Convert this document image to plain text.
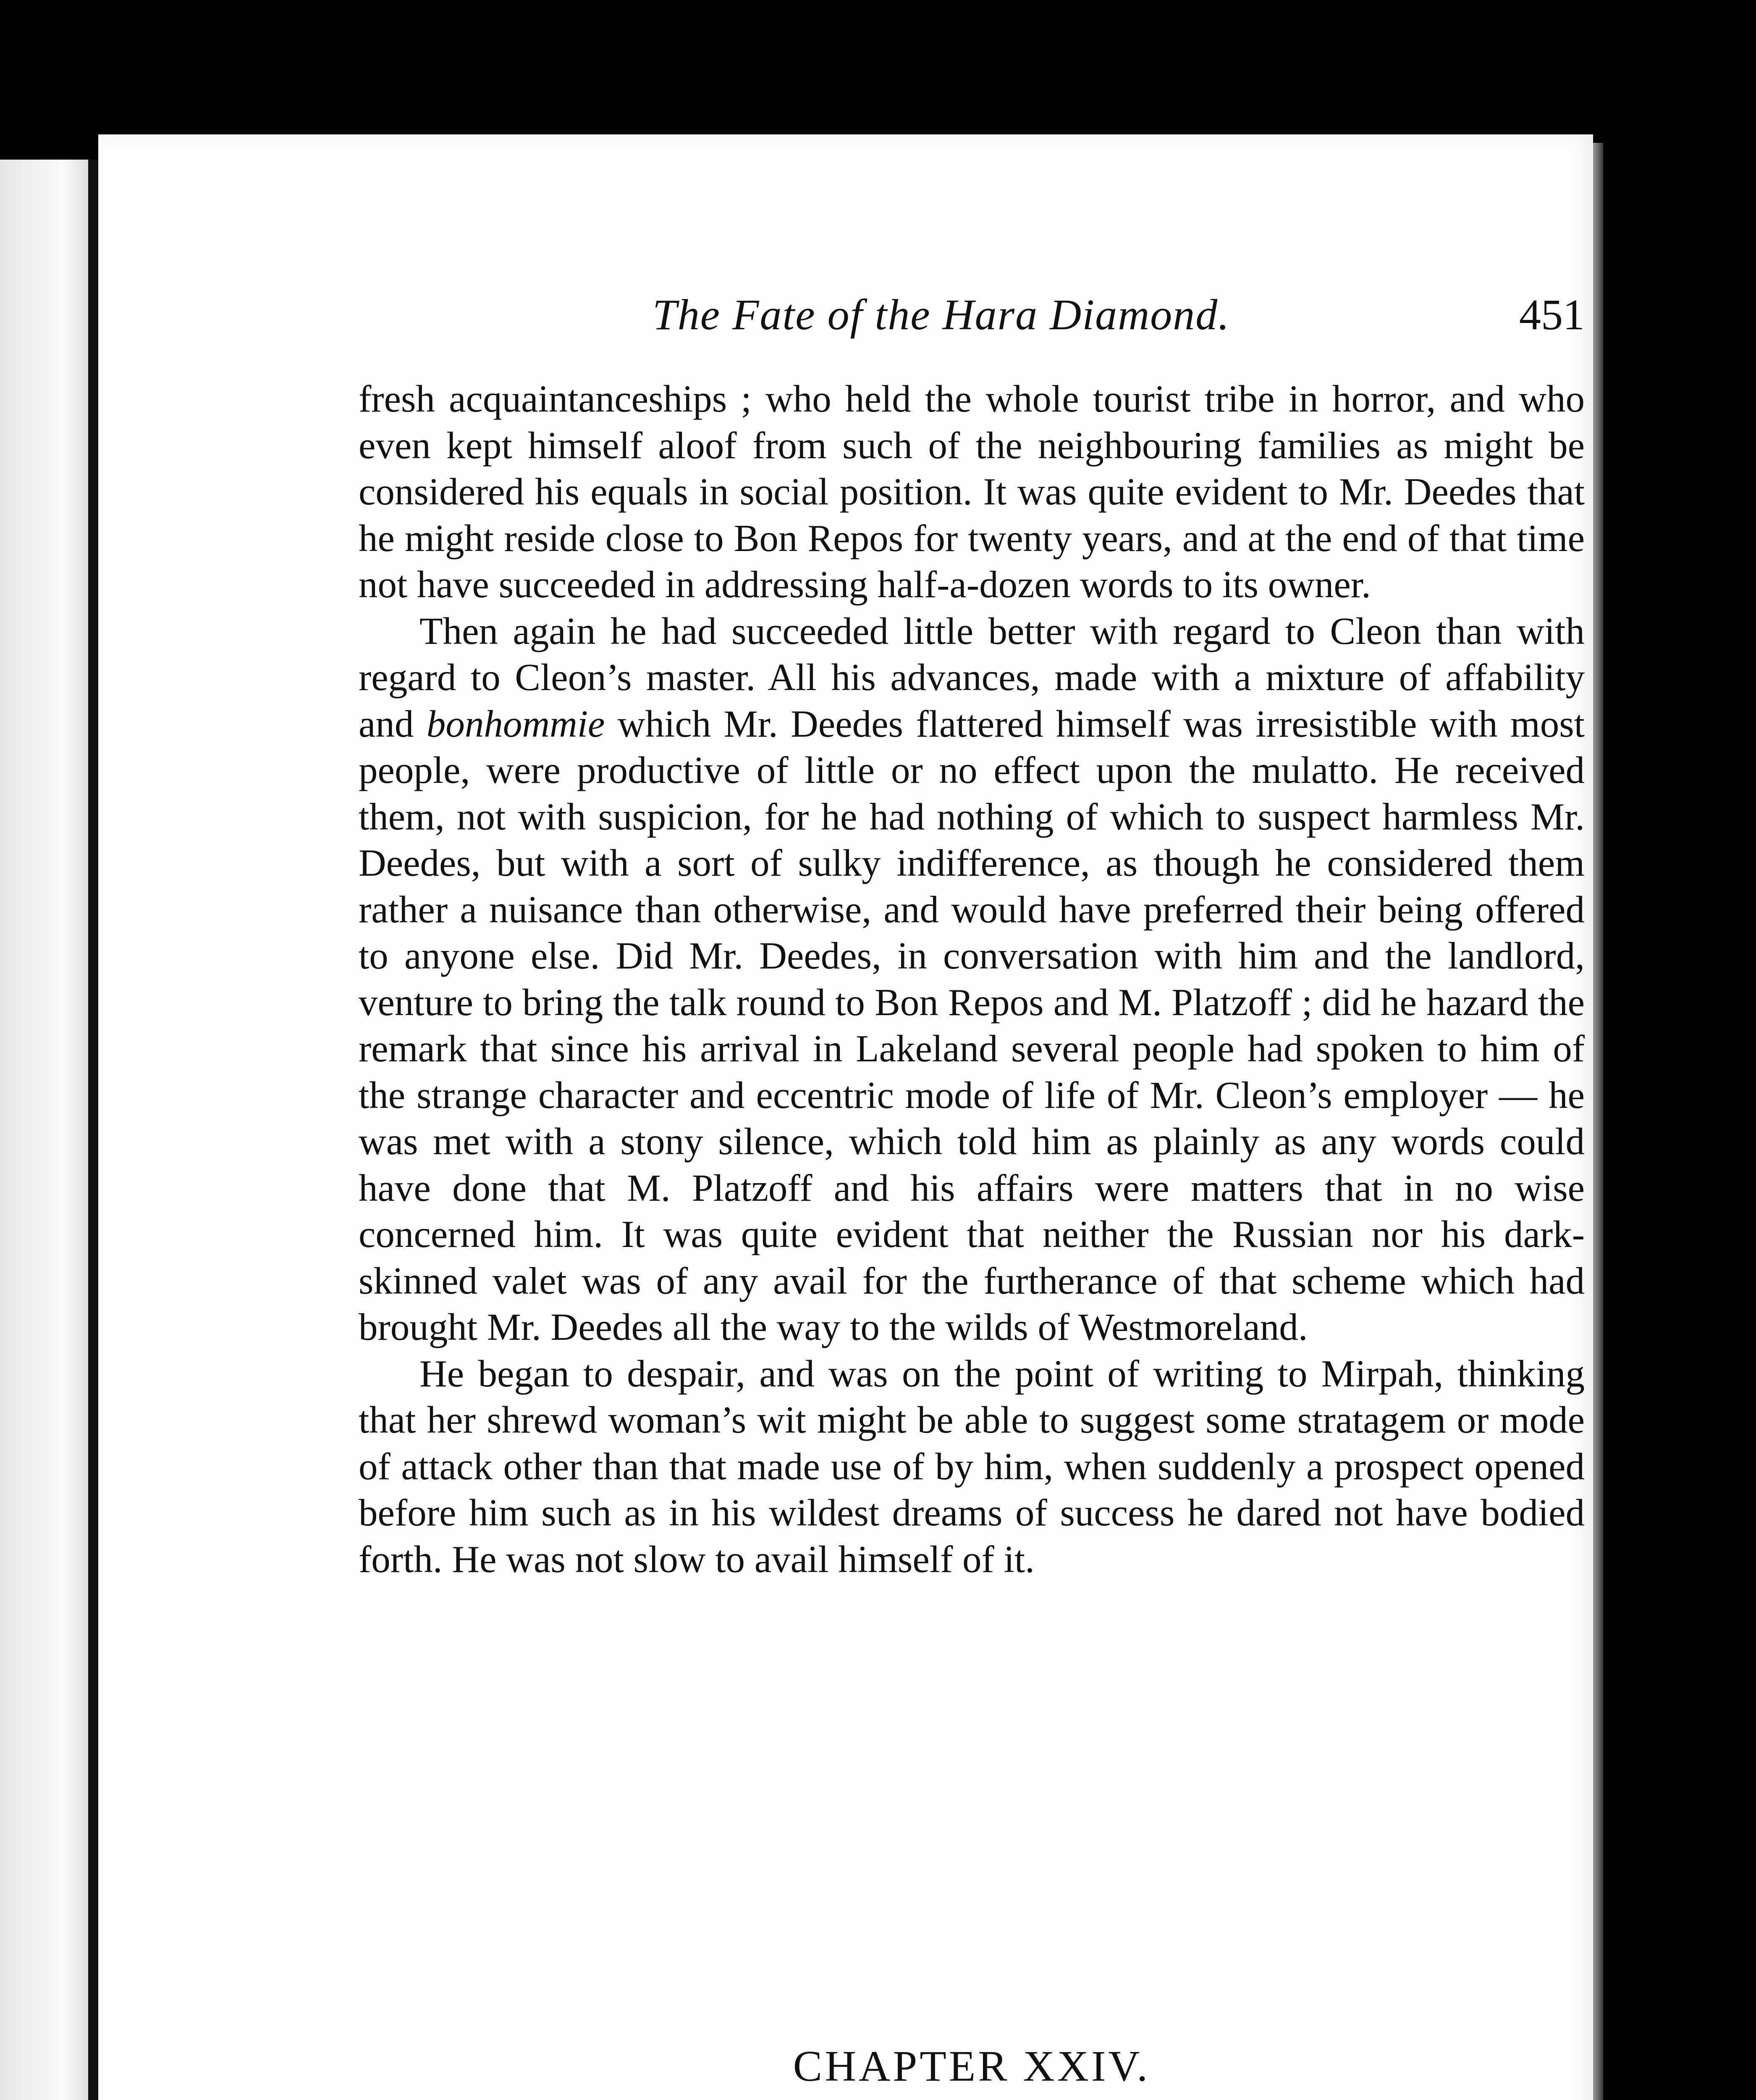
The Fate of the Hara Diamond.	451

fresh acquaintanceships ; who held the whole tourist tribe in horror, and who even kept himself aloof from such of the neighbouring families as might be considered his equals in social position. It was quite evident to Mr. Deedes that he might reside close to Bon Repos for twenty years, and at the end of that time not have succeeded in addressing half-a-dozen words to its owner.

Then again he had succeeded little better with regard to Cleon than with regard to Cleon’s master. All his advances, made with a mixture of affability and bonhommie which Mr. Deedes flattered himself was irresistible with most people, were productive of little or no effect upon the mulatto. He received them, not with suspicion, for he had nothing of which to suspect harmless Mr. Deedes, but with a sort of sulky indifference, as though he considered them rather a nuisance than otherwise, and would have preferred their being offered to anyone else. Did Mr. Deedes, in conversation with him and the landlord, venture to bring the talk round to Bon Repos and M. Platzoff ; did he hazard the remark that since his arrival in Lakeland several people had spoken to him of the strange character and eccentric mode of life of Mr. Cleon’s employer — he was met with a stony silence, which told him as plainly as any words could have done that M. Platzoff and his affairs were matters that in no wise concerned him. It was quite evident that neither the Russian nor his dark-skinned valet was of any avail for the furtherance of that scheme which had brought Mr. Deedes all the way to the wilds of Westmoreland.

He began to despair, and was on the point of writing to Mirpah, thinking that her shrewd woman’s wit might be able to suggest some stratagem or mode of attack other than that made use of by him, when suddenly a prospect opened before him such as in his wildest dreams of success he dared not have bodied forth. He was not slow to avail himself of it.

CHAPTER XXIV.
